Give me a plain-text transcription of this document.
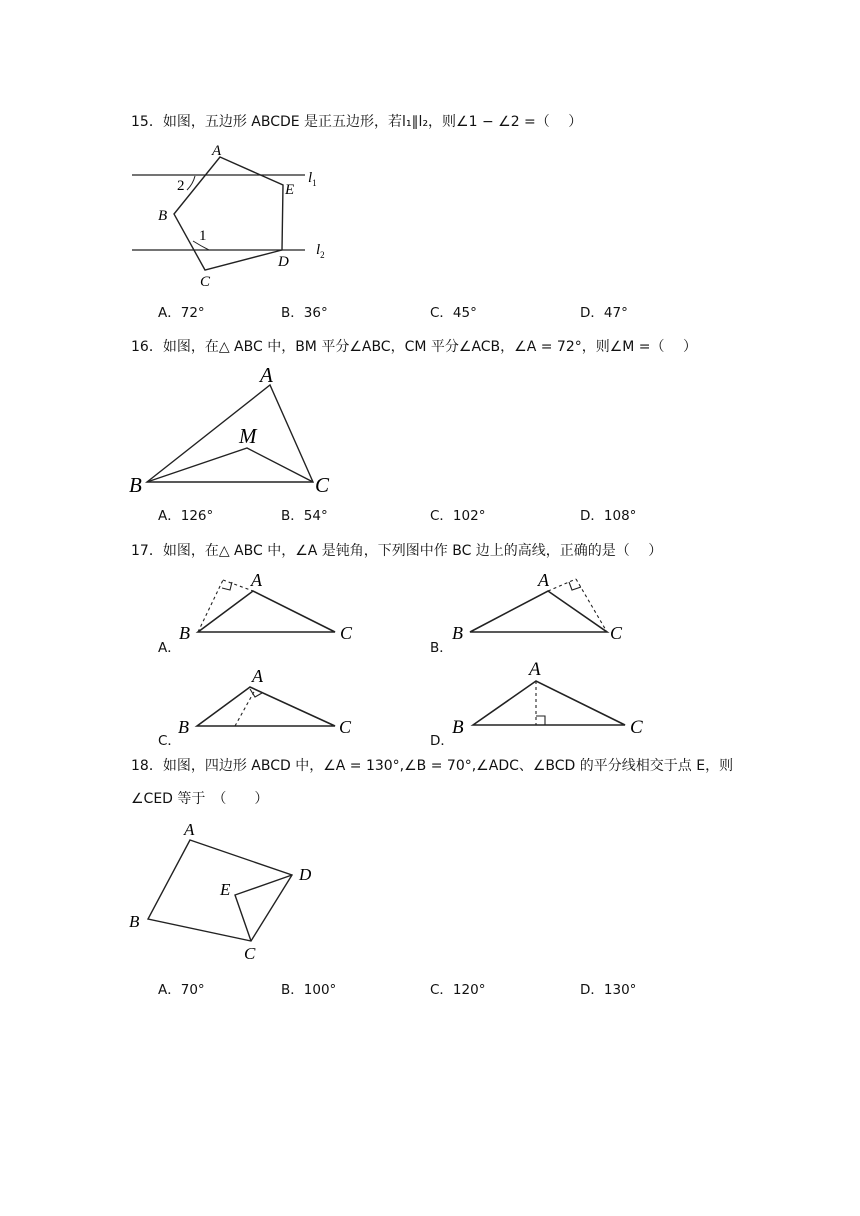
15．如图，五边形 ABCDE 是正五边形，若l₁∥l₂，则∠1 − ∠2 =（　 ）
A
B
C
D
E
2
1
$l_1$
$l_2$
A．72°	B．36°	C．45°	D．47°
16．如图，在△ ABC 中，BM 平分∠ABC，CM 平分∠ACB，∠A = 72°，则∠M =（　 ）
A
B	C
M
A．126°	B．54°	C．102°	D．108°
17．如图，在△ ABC 中，∠A 是钝角，下列图中作 BC 边上的高线，正确的是（　 ）
A
B	C
A．
A
B	C
B．
A
B	C
C．
A
B	C
D．
18．如图，四边形 ABCD 中，∠A = 130°,∠B = 70°,∠ADC、∠BCD 的平分线相交于点 E，则
∠CED 等于　（　　）
A
B
C
D
E
A．70°	B．100°	C．120°	D．130°
